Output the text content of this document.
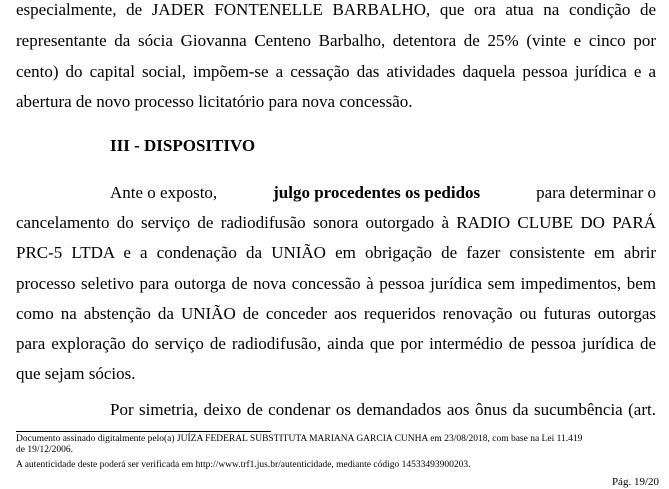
especialmente, de JADER FONTENELLE BARBALHO, que ora atua na condição de
representante da sócia Giovanna Centeno Barbalho, detentora de 25% (vinte e cinco por
cento) do capital social, impõem-se a cessação das atividades daquela pessoa jurídica e a
abertura de novo processo licitatório para nova concessão.
III - DISPOSITIVO
Ante o exposto,	julgo procedentes os pedidos	para determinar o
cancelamento do serviço de radiodifusão sonora outorgado à RADIO CLUBE DO PARÁ
PRC-5 LTDA e a condenação da UNIÃO em obrigação de fazer consistente em abrir
processo seletivo para outorga de nova concessão à pessoa jurídica sem impedimentos, bem
como na abstenção da UNIÃO de conceder aos requeridos renovação ou futuras outorgas
para exploração do serviço de radiodifusão, ainda que por intermédio de pessoa jurídica de
que sejam sócios.
Por simetria, deixo de condenar os demandados aos ônus da sucumbência (art.
Documento assinado digitalmente pelo(a) JUÍZA FEDERAL SUBSTITUTA MARIANA GARCIA CUNHA em 23/08/2018, com base na Lei 11.419
de 19/12/2006.
A autenticidade deste poderá ser verificada em http://www.trf1.jus.br/autenticidade, mediante código 14533493900203.
Pág. 19/20
